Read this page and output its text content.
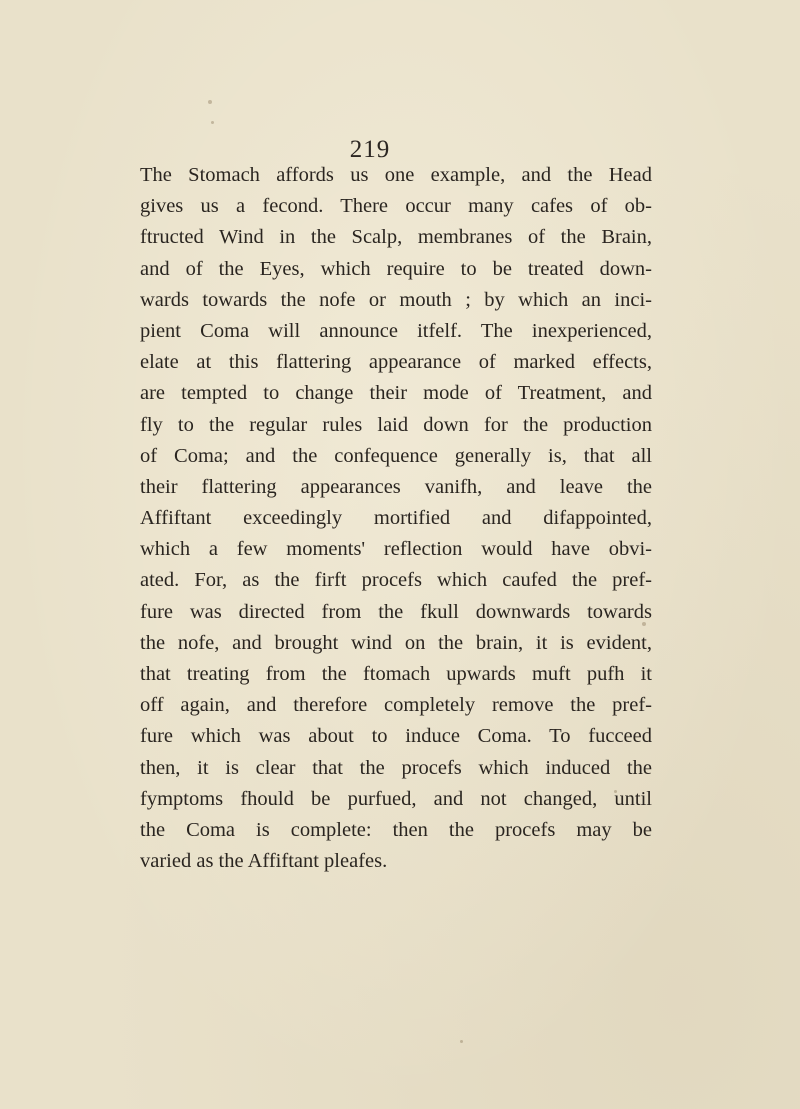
219
The Stomach affords us one example, and the Head
gives us a fecond. There occur many cafes of ob-
ftructed Wind in the Scalp, membranes of the Brain,
and of the Eyes, which require to be treated down-
wards towards the nofe or mouth ; by which an inci-
pient Coma will announce itfelf. The inexperienced,
elate at this flattering appearance of marked effects,
are tempted to change their mode of Treatment, and
fly to the regular rules laid down for the production
of Coma; and the confequence generally is, that all
their flattering appearances vanifh, and leave the
Affiftant exceedingly mortified and difappointed,
which a few moments' reflection would have obvi-
ated. For, as the firft procefs which caufed the pref-
fure was directed from the fkull downwards towards
the nofe, and brought wind on the brain, it is evident,
that treating from the ftomach upwards muft pufh it
off again, and therefore completely remove the pref-
fure which was about to induce Coma. To fucceed
then, it is clear that the procefs which induced the
fymptoms fhould be purfued, and not changed, until
the Coma is complete: then the procefs may be
varied as the Affiftant pleafes.
